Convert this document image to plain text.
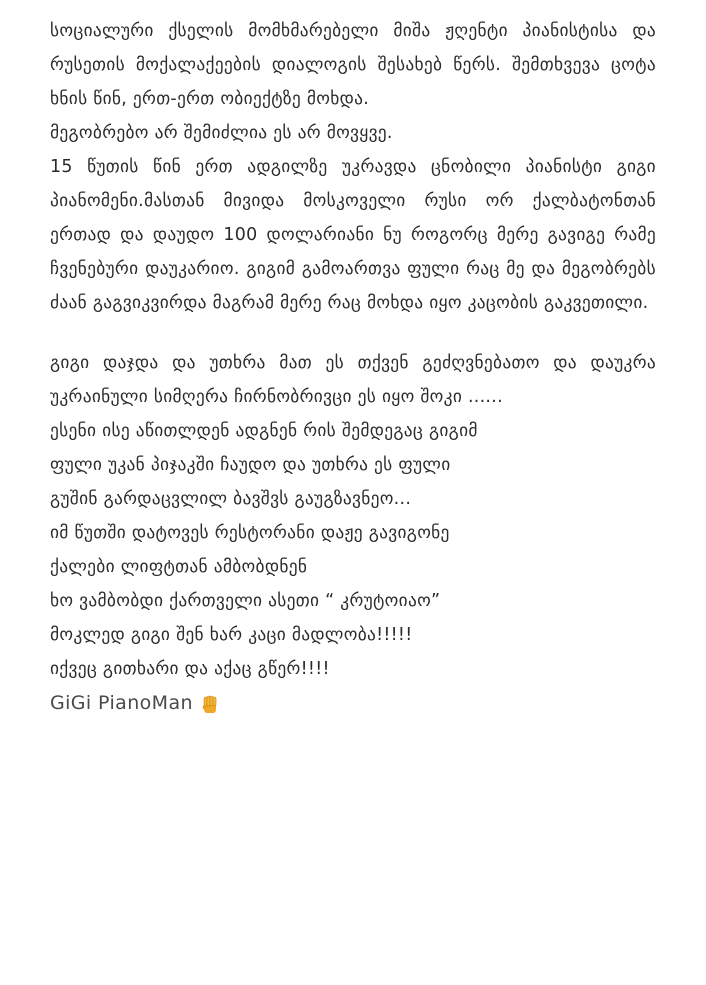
სოციალური ქსელის მომხმარებელი მიშა ჟღენტი პიანისტისა და რუსეთის მოქალაქეების დიალოგის შესახებ წერს. შემთხვევა ცოტა ხნის წინ, ერთ-ერთ ობიექტზე მოხდა.

მეგობრებო არ შემიძლია ეს არ მოვყვე.

15 წუთის წინ ერთ ადგილზე უკრავდა ცნობილი პიანისტი გიგი პიანომენი.მასთან მივიდა მოსკოველი რუსი ორ ქალბატონთან ერთად და დაუდო 100 დოლარიანი ნუ როგორც მერე გავიგე რამე ჩვენებური დაუკარიო. გიგიმ გამოართვა ფული რაც მე და მეგობრებს ძაან გაგვიკვირდა მაგრამ მერე რაც მოხდა იყო კაცობის გაკვეთილი.

გიგი დაჯდა და უთხრა მათ ეს თქვენ გეძღვნებათო და დაუკრა უკრაინული სიმღერა ჩირნობრივცი ეს იყო შოკი ......

ესენი ისე აწითლდენ ადგნენ რის შემდეგაც გიგიმ
ფული უკან პიჯაკში ჩაუდო და უთხრა ეს ფული
გუშინ გარდაცვლილ ბავშვს გაუგზავნეო...
იმ წუთში დატოვეს რესტორანი დაჟე გავიგონე
ქალები ლიფტთან ამბობდნენ
ხო ვამბობდი ქართველი ასეთი “ კრუტოიაო”
მოკლედ გიგი შენ ხარ კაცი მადლობა!!!!!
იქვეც გითხარი და აქაც გწერ!!!!
GiGi PianoMan
